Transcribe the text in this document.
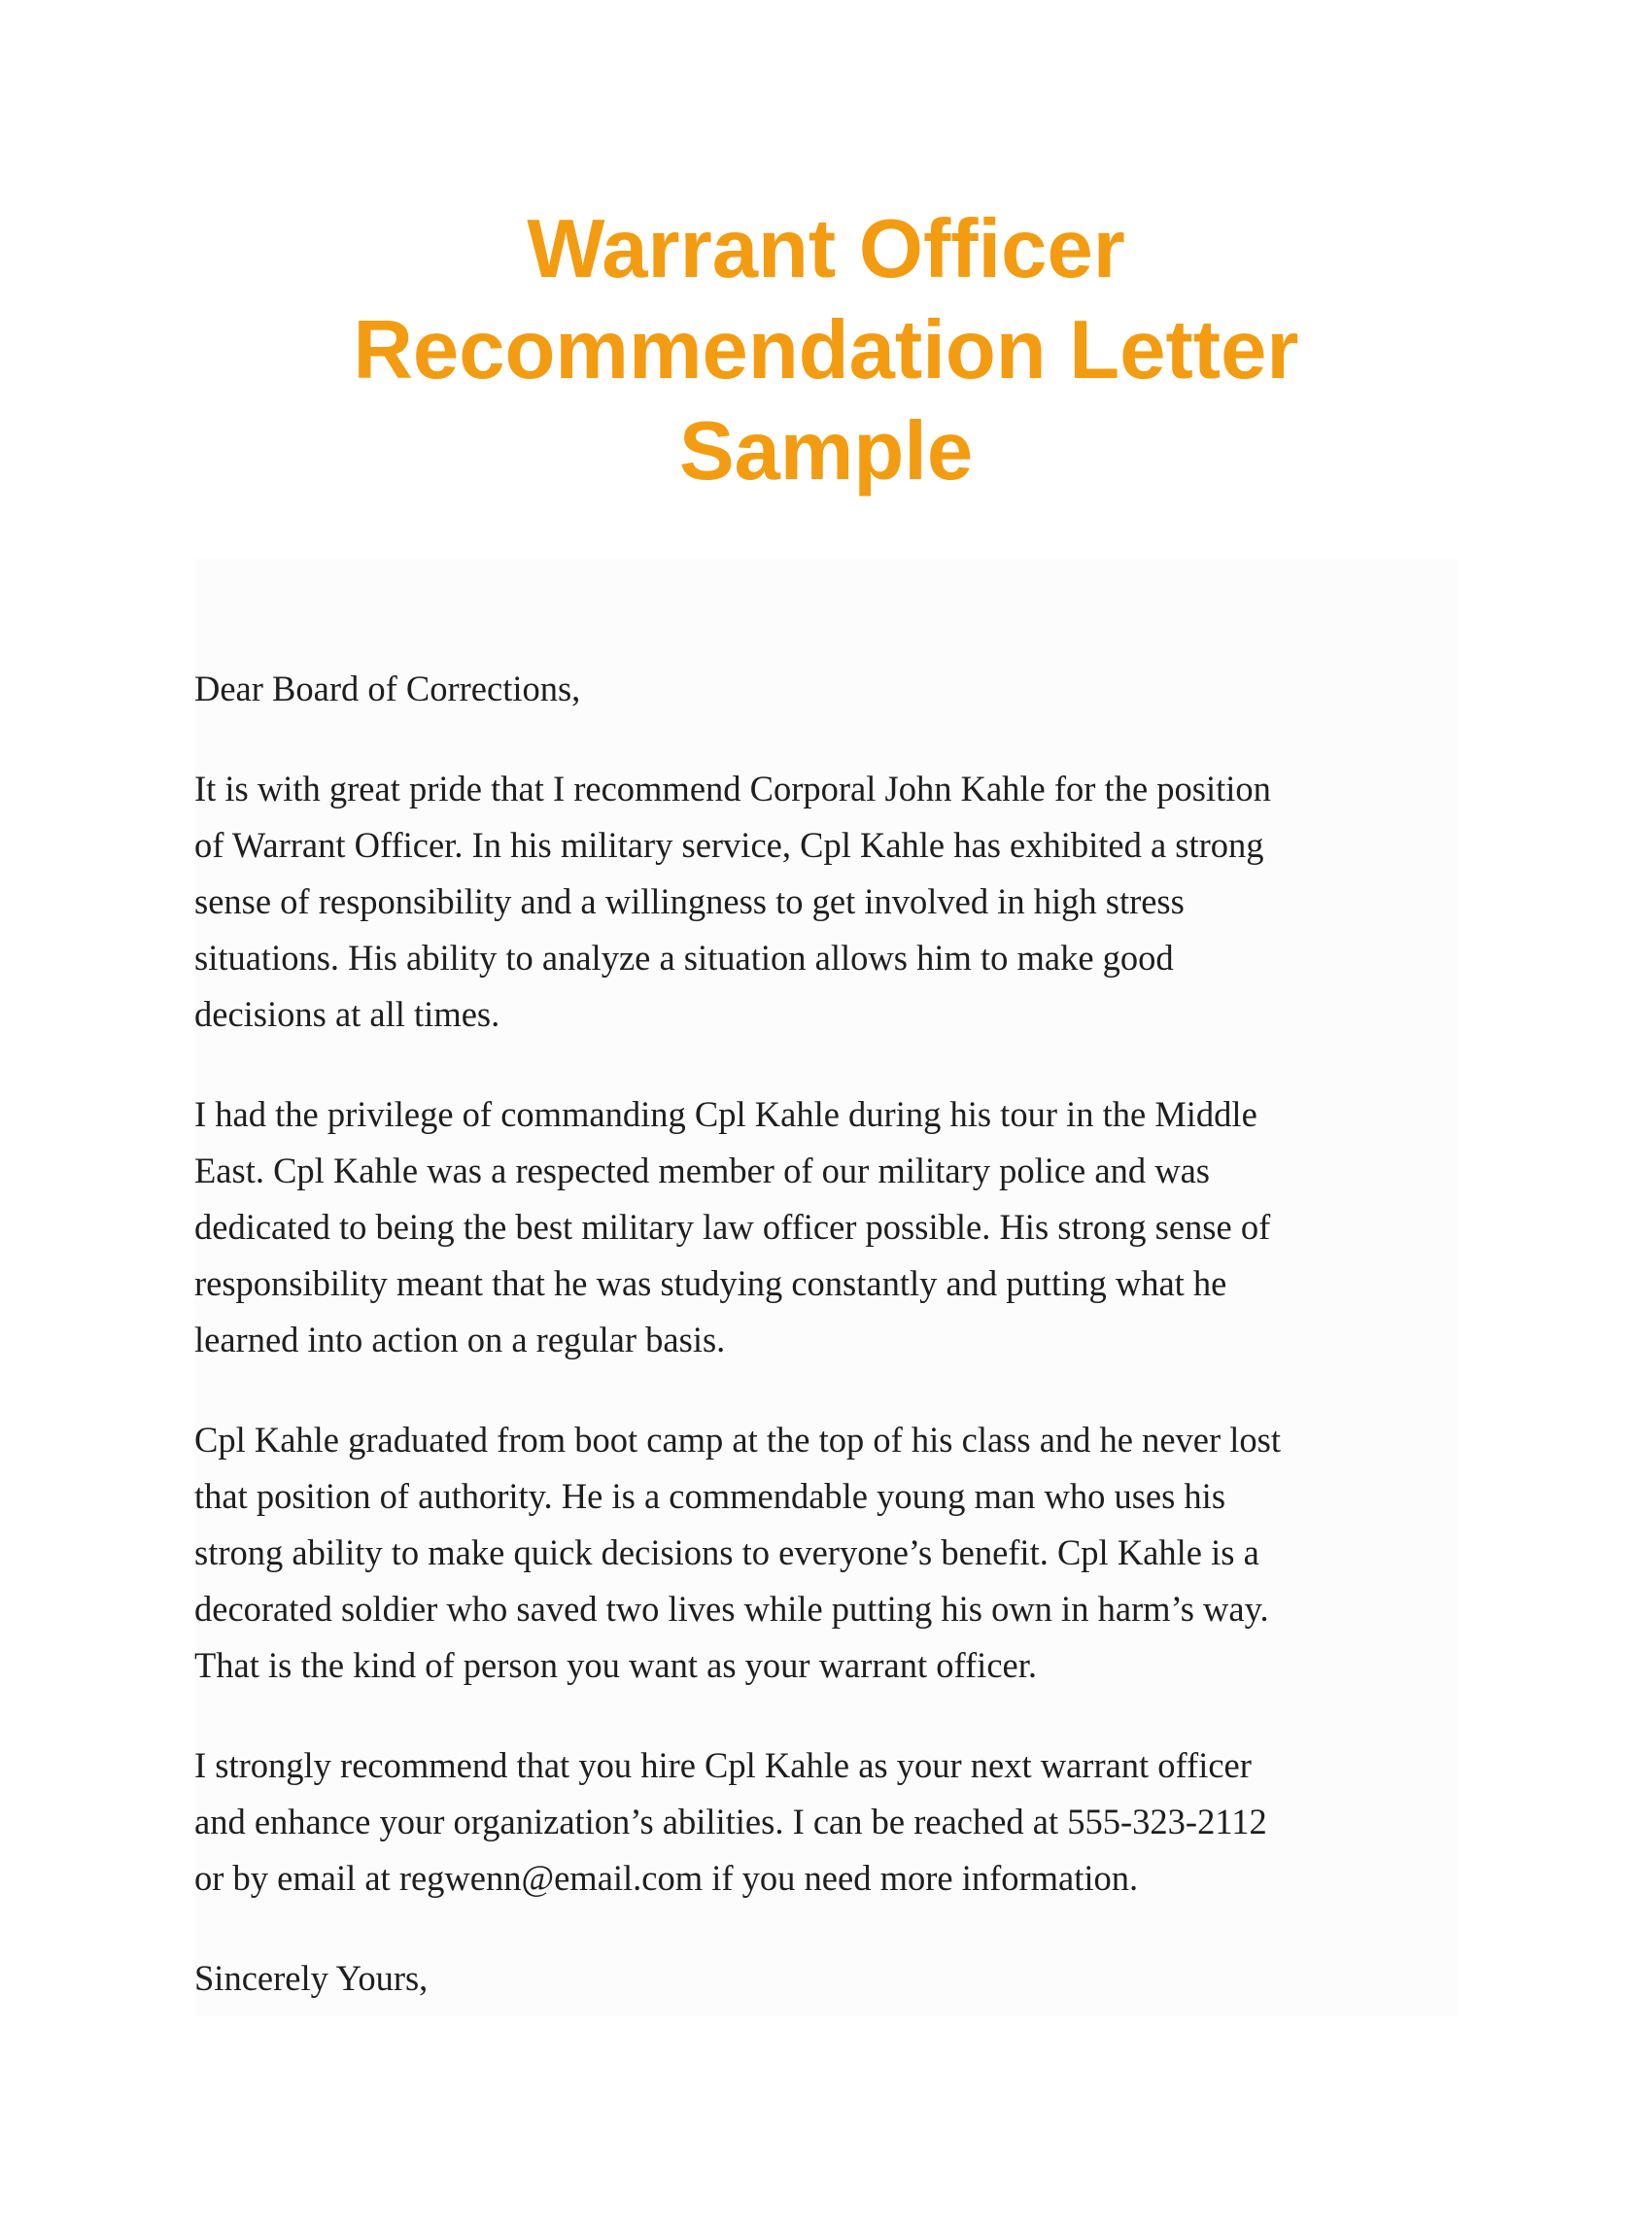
Warrant Officer
Recommendation Letter
Sample

Dear Board of Corrections,

It is with great pride that I recommend Corporal John Kahle for the position
of Warrant Officer. In his military service, Cpl Kahle has exhibited a strong
sense of responsibility and a willingness to get involved in high stress
situations. His ability to analyze a situation allows him to make good
decisions at all times.
I had the privilege of commanding Cpl Kahle during his tour in the Middle
East. Cpl Kahle was a respected member of our military police and was
dedicated to being the best military law officer possible. His strong sense of
responsibility meant that he was studying constantly and putting what he
learned into action on a regular basis.
Cpl Kahle graduated from boot camp at the top of his class and he never lost
that position of authority. He is a commendable young man who uses his
strong ability to make quick decisions to everyone’s benefit. Cpl Kahle is a
decorated soldier who saved two lives while putting his own in harm’s way.
That is the kind of person you want as your warrant officer.
I strongly recommend that you hire Cpl Kahle as your next warrant officer
and enhance your organization’s abilities. I can be reached at 555-323-2112
or by email at regwenn@email.com if you need more information.

Sincerely Yours,
